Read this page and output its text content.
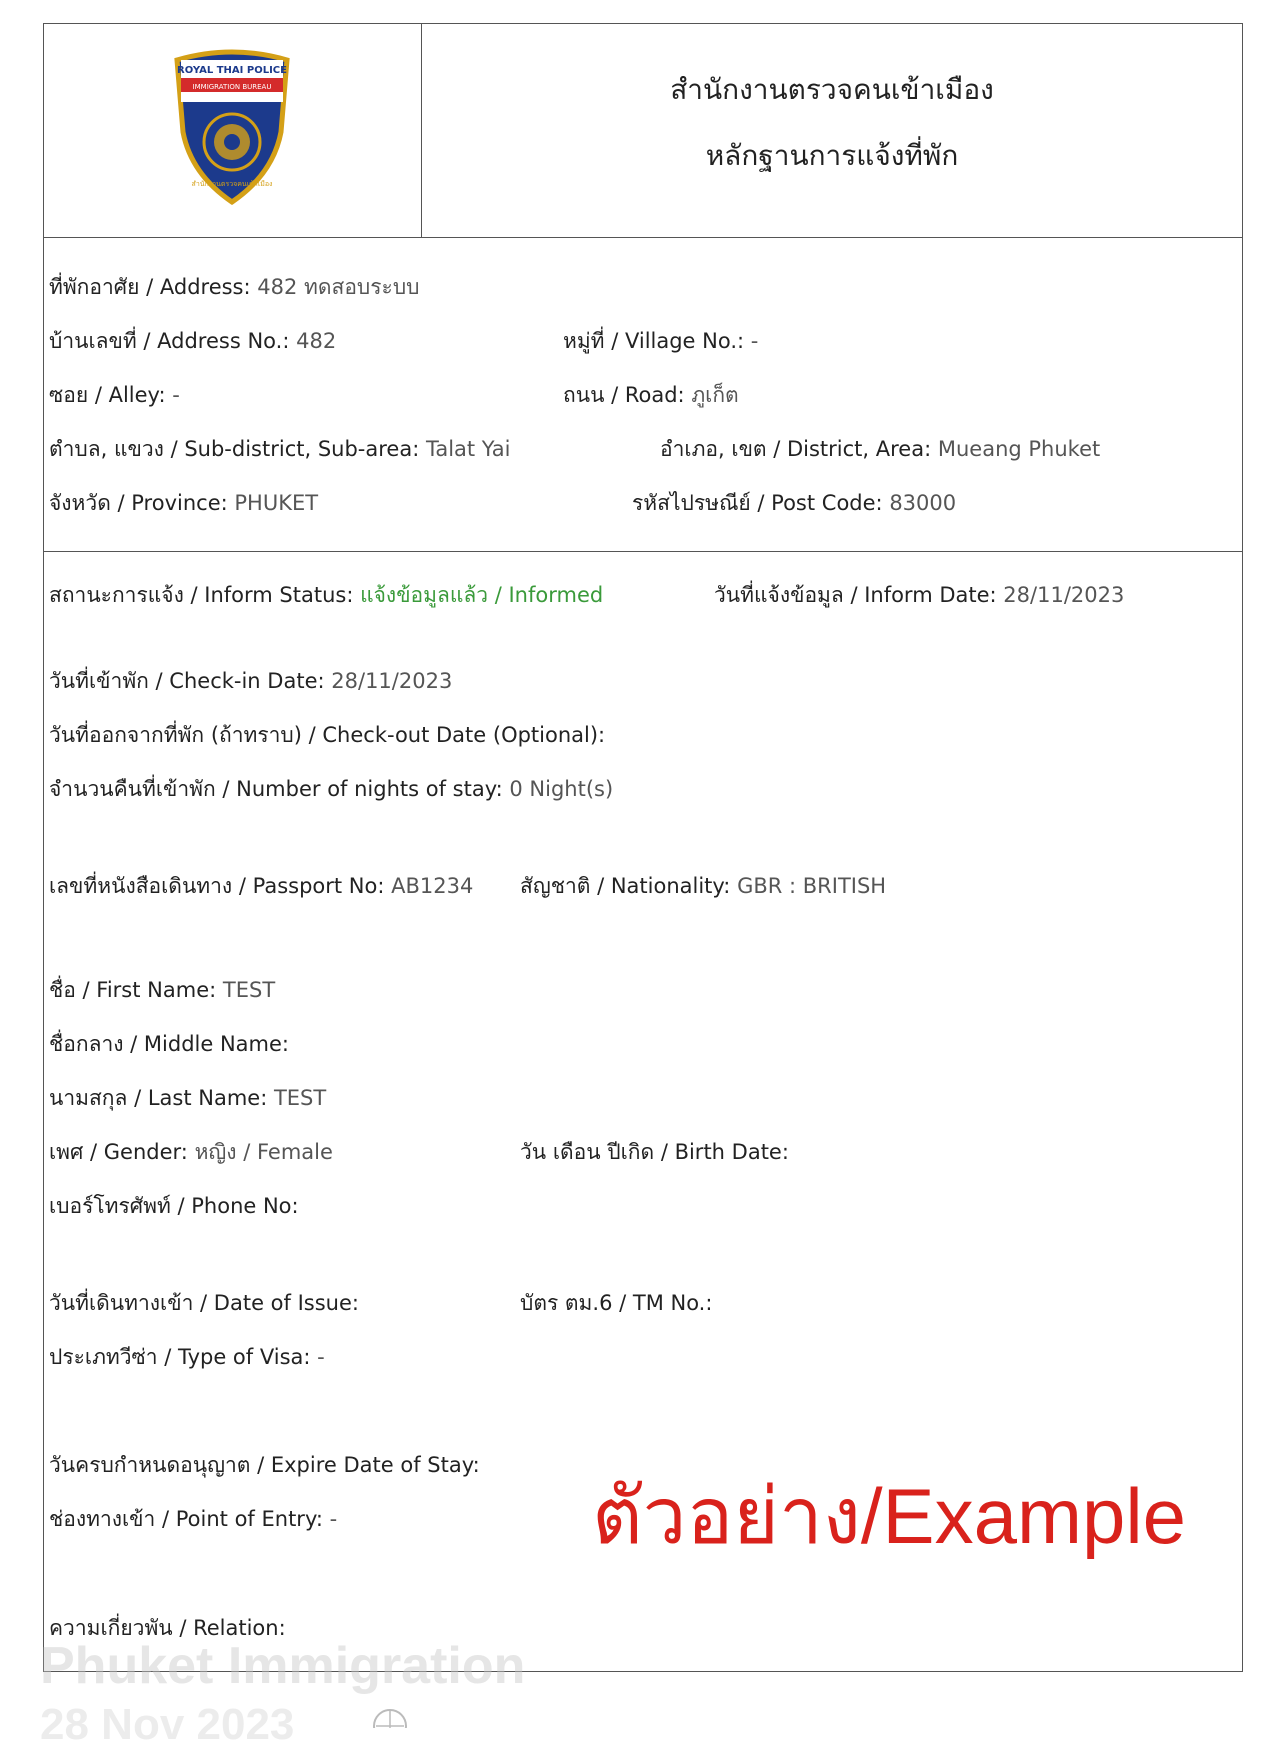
ROYAL THAI POLICE
IMMIGRATION BUREAU
สำนักงานตรวจคนเข้าเมือง
สำนักงานตรวจคนเข้าเมือง
หลักฐานการแจ้งที่พัก
ที่พักอาศัย / Address: 482 ทดสอบระบบ
บ้านเลขที่ / Address No.: 482	หมู่ที่ / Village No.: -
ซอย / Alley: -	ถนน / Road: ภูเก็ต
ตำบล, แขวง / Sub-district, Sub-area: Talat Yai	อำเภอ, เขต / District, Area: Mueang Phuket
จังหวัด / Province: PHUKET	รหัสไปรษณีย์ / Post Code: 83000
สถานะการแจ้ง / Inform Status: แจ้งข้อมูลแล้ว / Informed	วันที่แจ้งข้อมูล / Inform Date: 28/11/2023
วันที่เข้าพัก / Check-in Date: 28/11/2023
วันที่ออกจากที่พัก (ถ้าทราบ) / Check-out Date (Optional):
จำนวนคืนที่เข้าพัก / Number of nights of stay: 0 Night(s)
เลขที่หนังสือเดินทาง / Passport No: AB1234 สัญชาติ / Nationality: GBR : BRITISH
ชื่อ / First Name: TEST
ชื่อกลาง / Middle Name:
นามสกุล / Last Name: TEST
เพศ / Gender: หญิง / Female	วัน เดือน ปีเกิด / Birth Date:
เบอร์โทรศัพท์ / Phone No:
วันที่เดินทางเข้า / Date of Issue:	บัตร ตม.6 / TM No.:
ประเภทวีซ่า / Type of Visa: -
วันครบกำหนดอนุญาต / Expire Date of Stay:
ช่องทางเข้า / Point of Entry: -
ความเกี่ยวพัน / Relation:
ตัวอย่าง/Example
Phuket Immigration
28 Nov 2023
